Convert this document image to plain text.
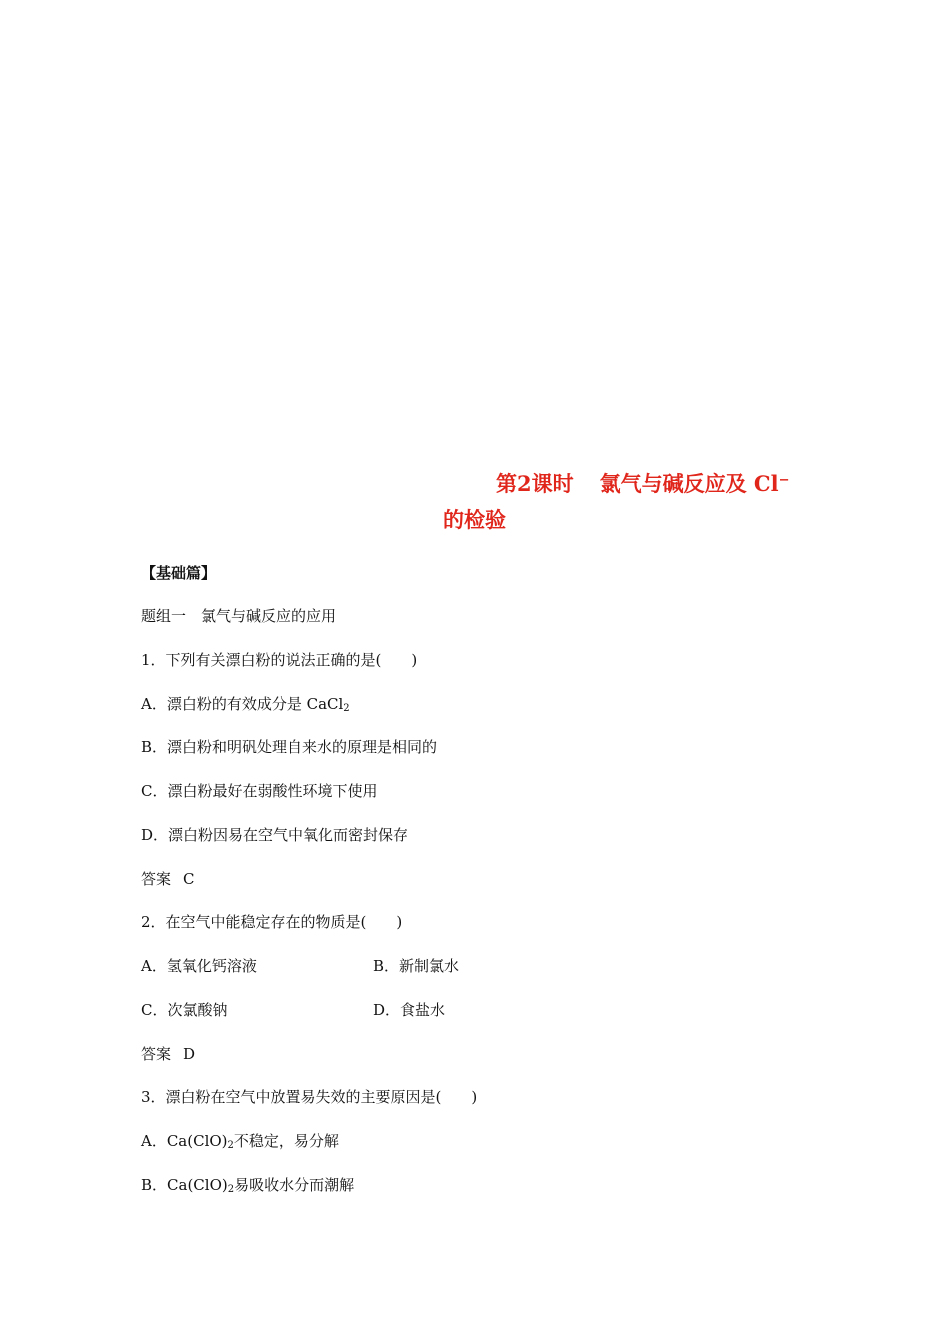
第2课时 氯气与碱反应及 Cl−
的检验
【基础篇】
题组一　氯气与碱反应的应用
1．下列有关漂白粉的说法正确的是(　　)
A．漂白粉的有效成分是 CaCl$_2$
B．漂白粉和明矾处理自来水的原理是相同的
C．漂白粉最好在弱酸性环境下使用
D．漂白粉因易在空气中氧化而密封保存
答案 C
2．在空气中能稳定存在的物质是(　　)
A．氢氧化钙溶液	B．新制氯水
C．次氯酸钠	D．食盐水
答案 D
3．漂白粉在空气中放置易失效的主要原因是(　　)
A．$Ca(ClO)_2$不稳定，易分解
B．$Ca(ClO)_2$易吸收水分而潮解
